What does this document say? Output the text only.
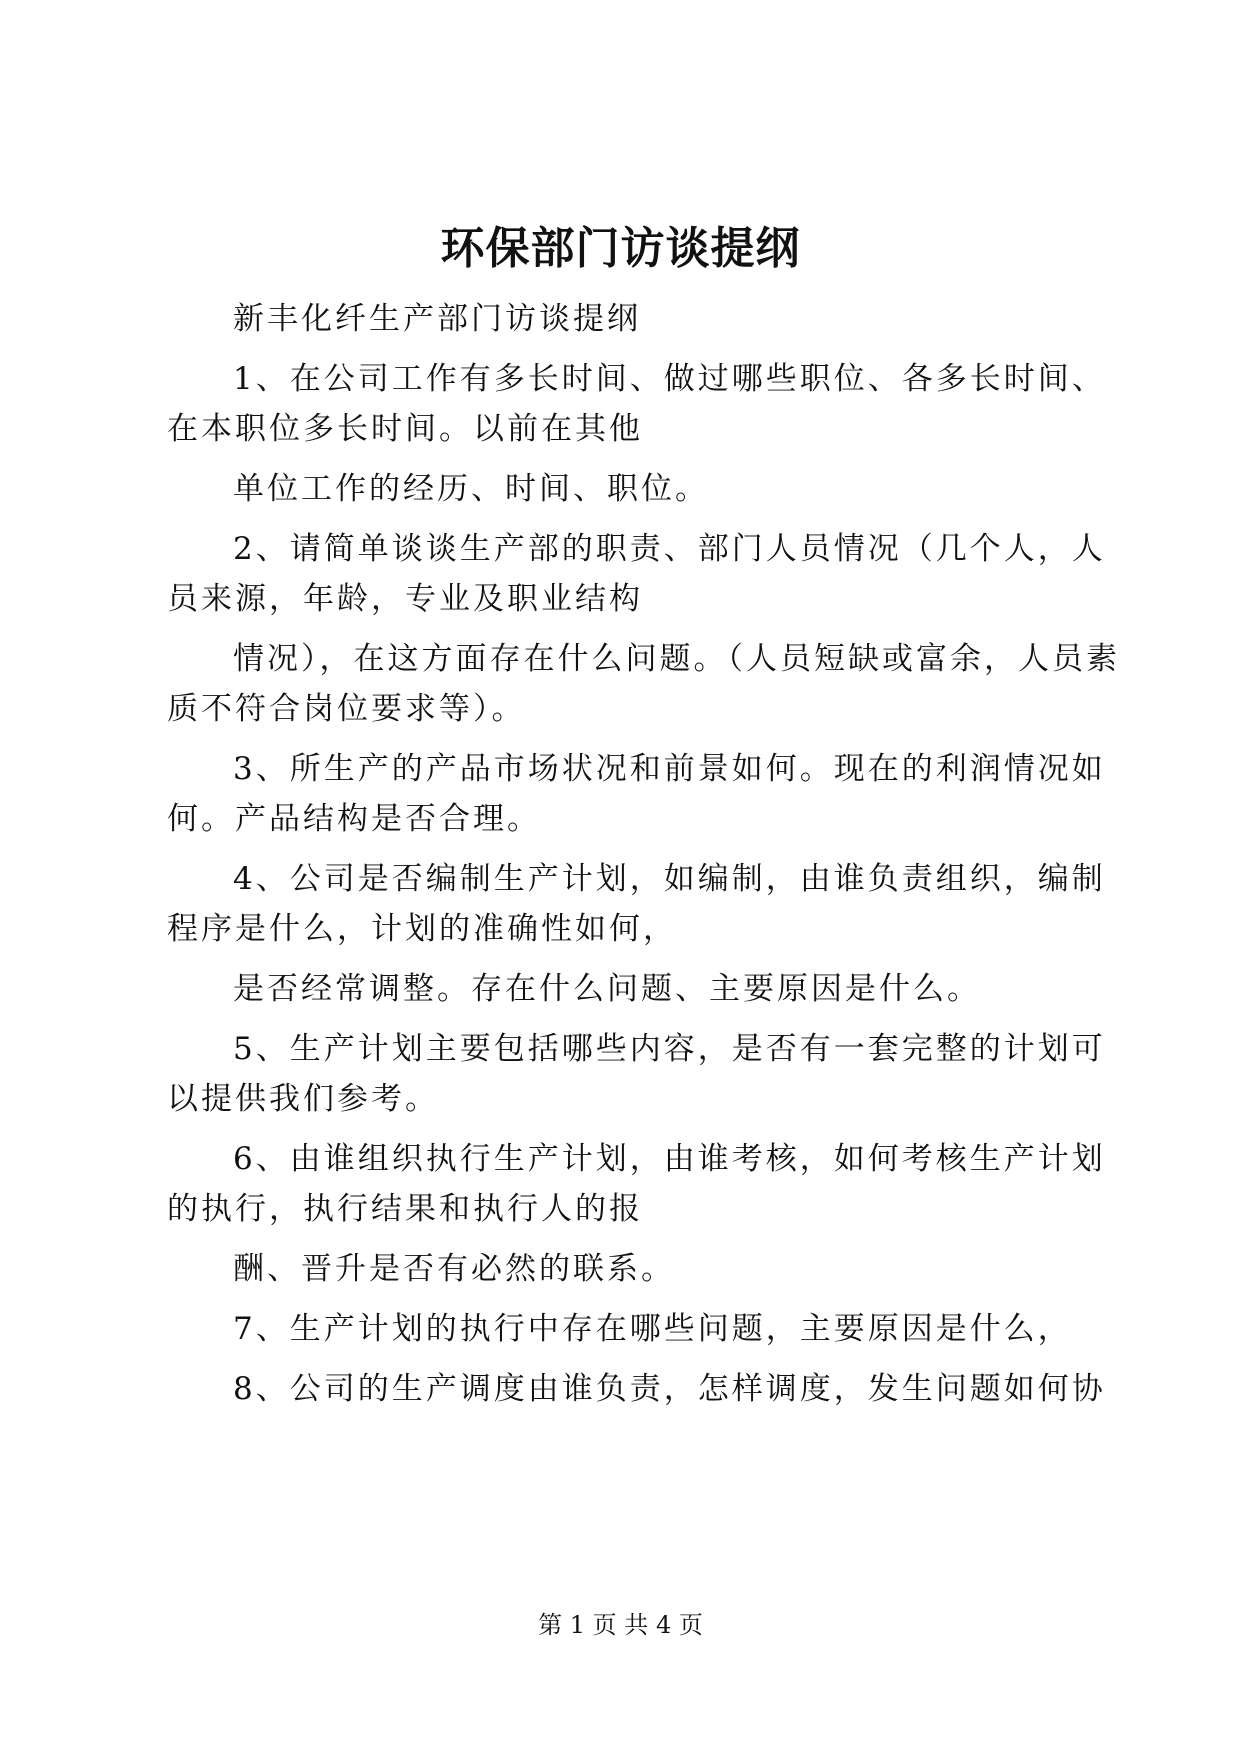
环保部门访谈提纲
新丰化纤生产部门访谈提纲
1、在公司工作有多长时间、做过哪些职位、各多长时间、
在本职位多长时间。以前在其他
单位工作的经历、时间、职位。
2、请简单谈谈生产部的职责、部门人员情况（几个人，人
员来源，年龄，专业及职业结构
情况），在这方面存在什么问题。（人员短缺或富余，人员素
质不符合岗位要求等）。
3、所生产的产品市场状况和前景如何。现在的利润情况如
何。产品结构是否合理。
4、公司是否编制生产计划，如编制，由谁负责组织，编制
程序是什么，计划的准确性如何，
是否经常调整。存在什么问题、主要原因是什么。
5、生产计划主要包括哪些内容，是否有一套完整的计划可
以提供我们参考。
6、由谁组织执行生产计划，由谁考核，如何考核生产计划
的执行，执行结果和执行人的报
酬、晋升是否有必然的联系。
7、生产计划的执行中存在哪些问题，主要原因是什么，
8、公司的生产调度由谁负责，怎样调度，发生问题如何协
第 1 页 共 4 页
